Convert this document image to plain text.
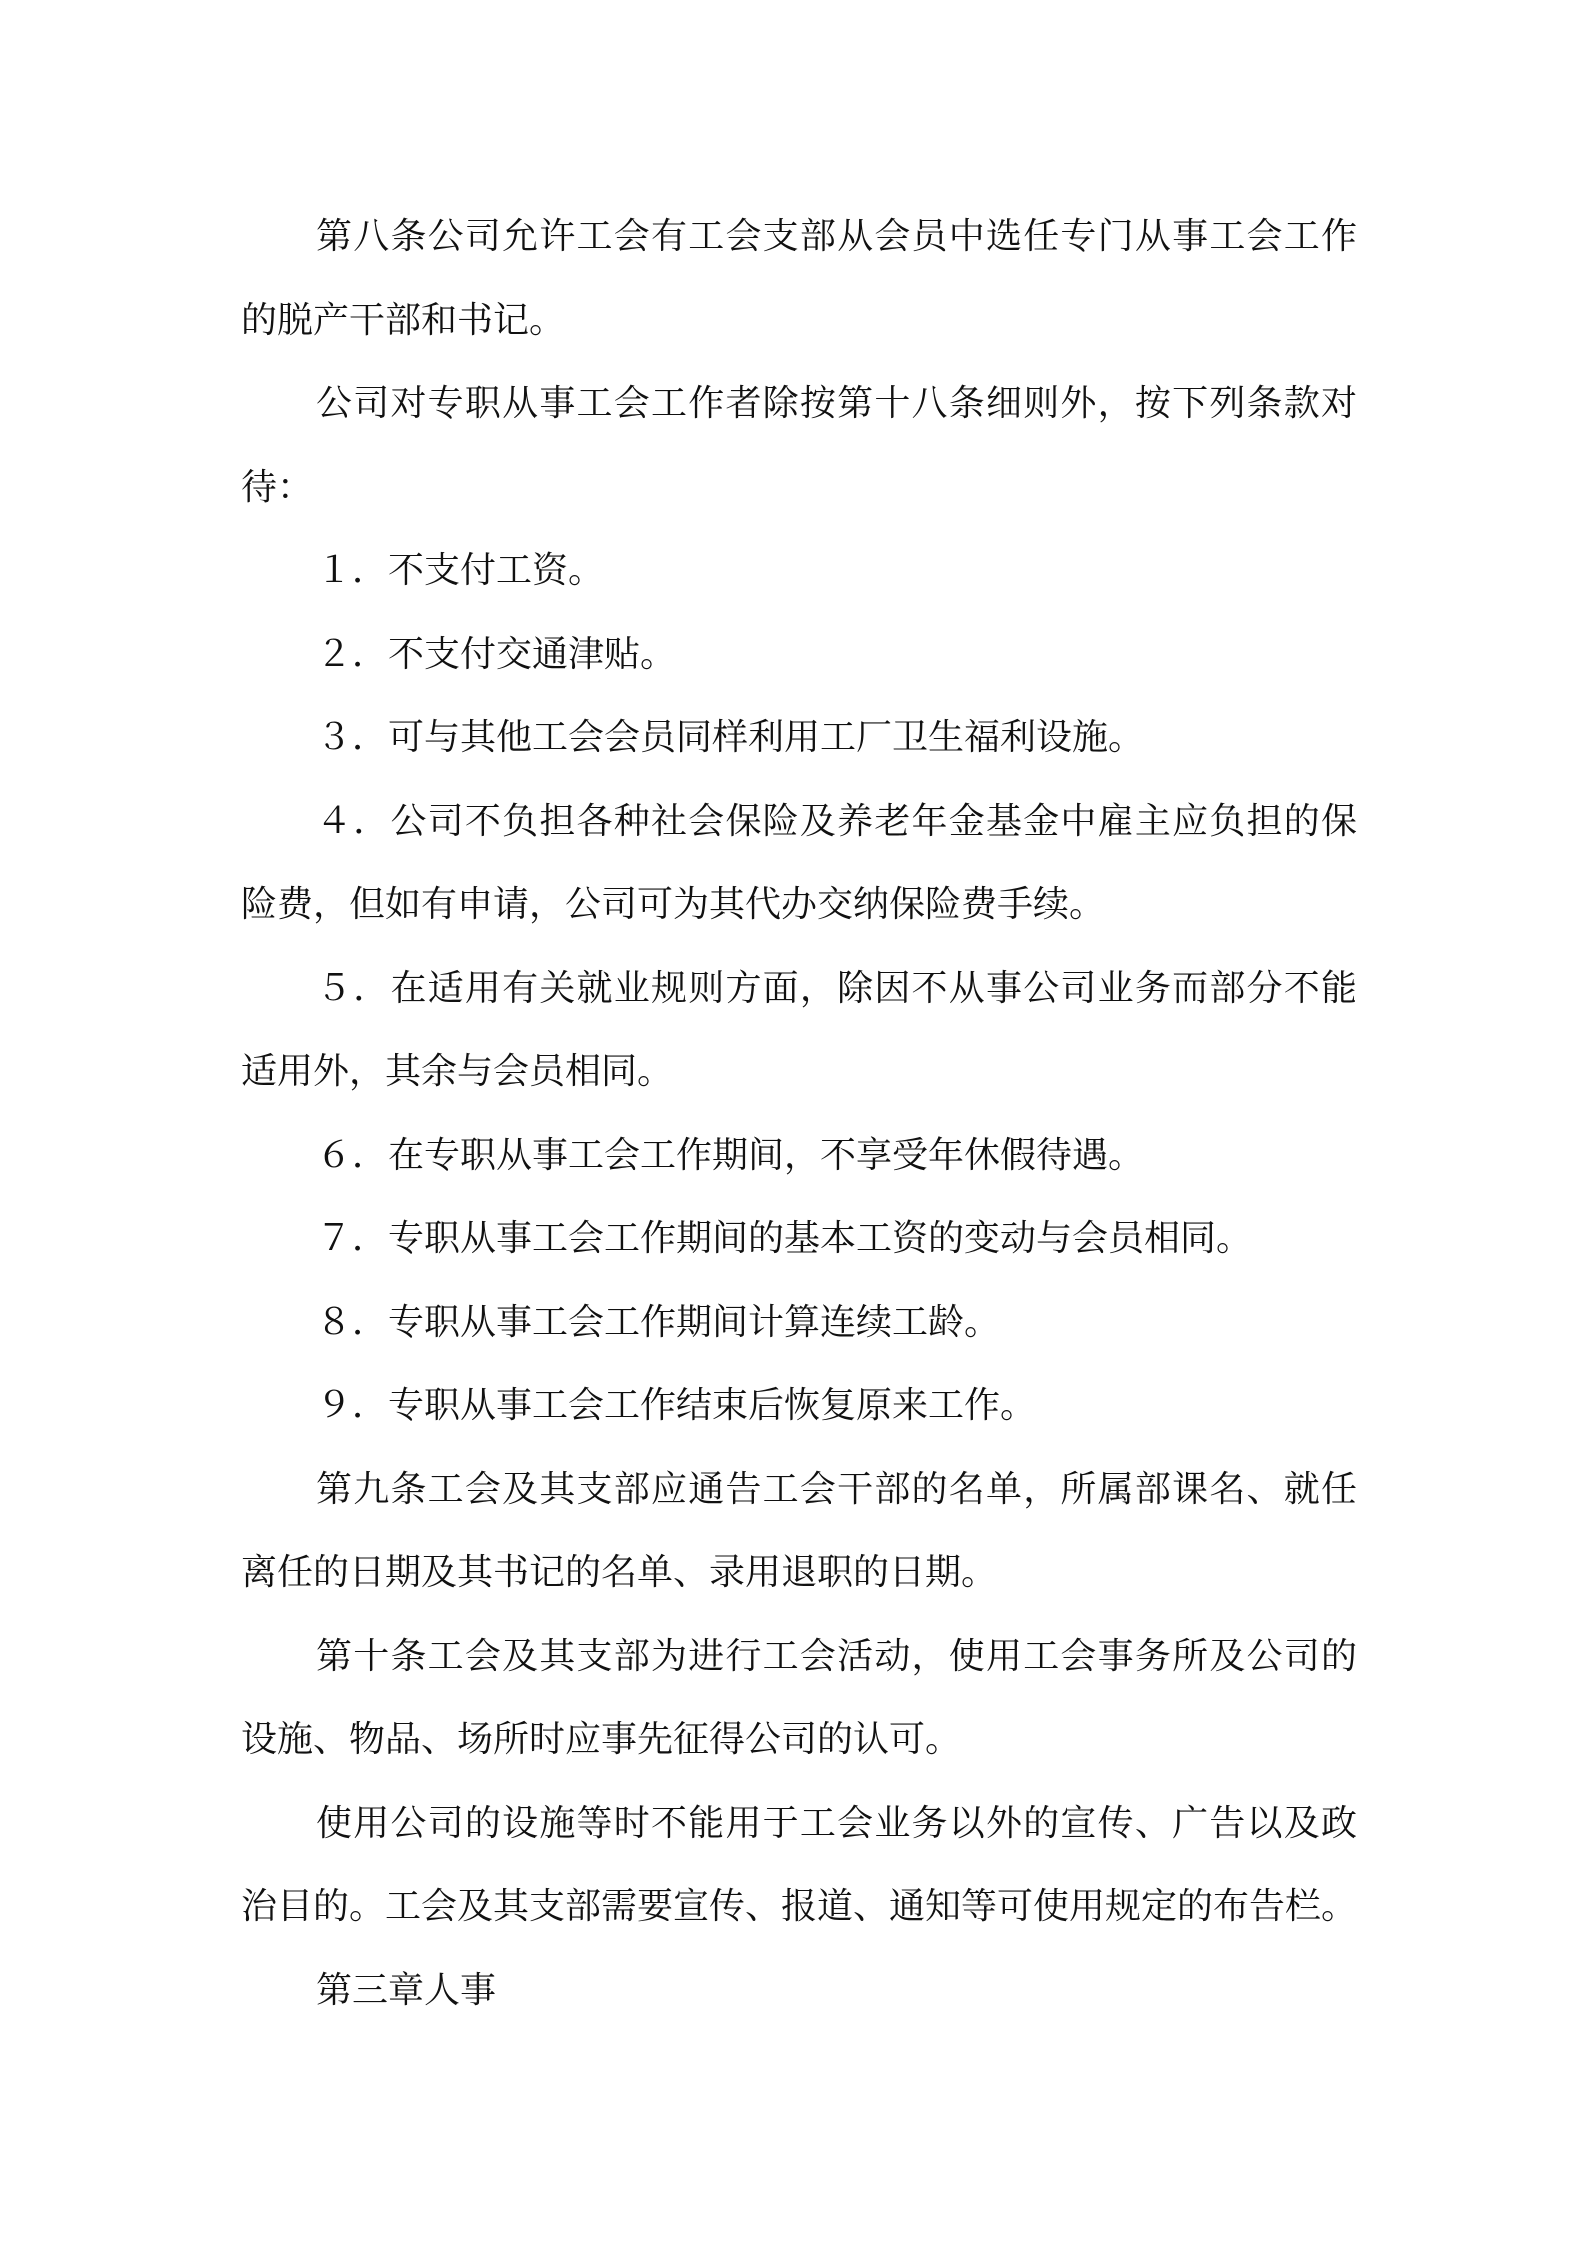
第八条公司允许工会有工会支部从会员中选任专门从事工会工作的脱产干部和书记。

公司对专职从事工会工作者除按第十八条细则外，按下列条款对待：

１．不支付工资。

２．不支付交通津贴。

３．可与其他工会会员同样利用工厂卫生福利设施。

４．公司不负担各种社会保险及养老年金基金中雇主应负担的保险费，但如有申请，公司可为其代办交纳保险费手续。

５．在适用有关就业规则方面，除因不从事公司业务而部分不能适用外，其余与会员相同。

６．在专职从事工会工作期间，不享受年休假待遇。

７．专职从事工会工作期间的基本工资的变动与会员相同。

８．专职从事工会工作期间计算连续工龄。

９．专职从事工会工作结束后恢复原来工作。

第九条工会及其支部应通告工会干部的名单，所属部课名、就任离任的日期及其书记的名单、录用退职的日期。

第十条工会及其支部为进行工会活动，使用工会事务所及公司的设施、物品、场所时应事先征得公司的认可。

使用公司的设施等时不能用于工会业务以外的宣传、广告以及政治目的。工会及其支部需要宣传、报道、通知等可使用规定的布告栏。

第三章人事
